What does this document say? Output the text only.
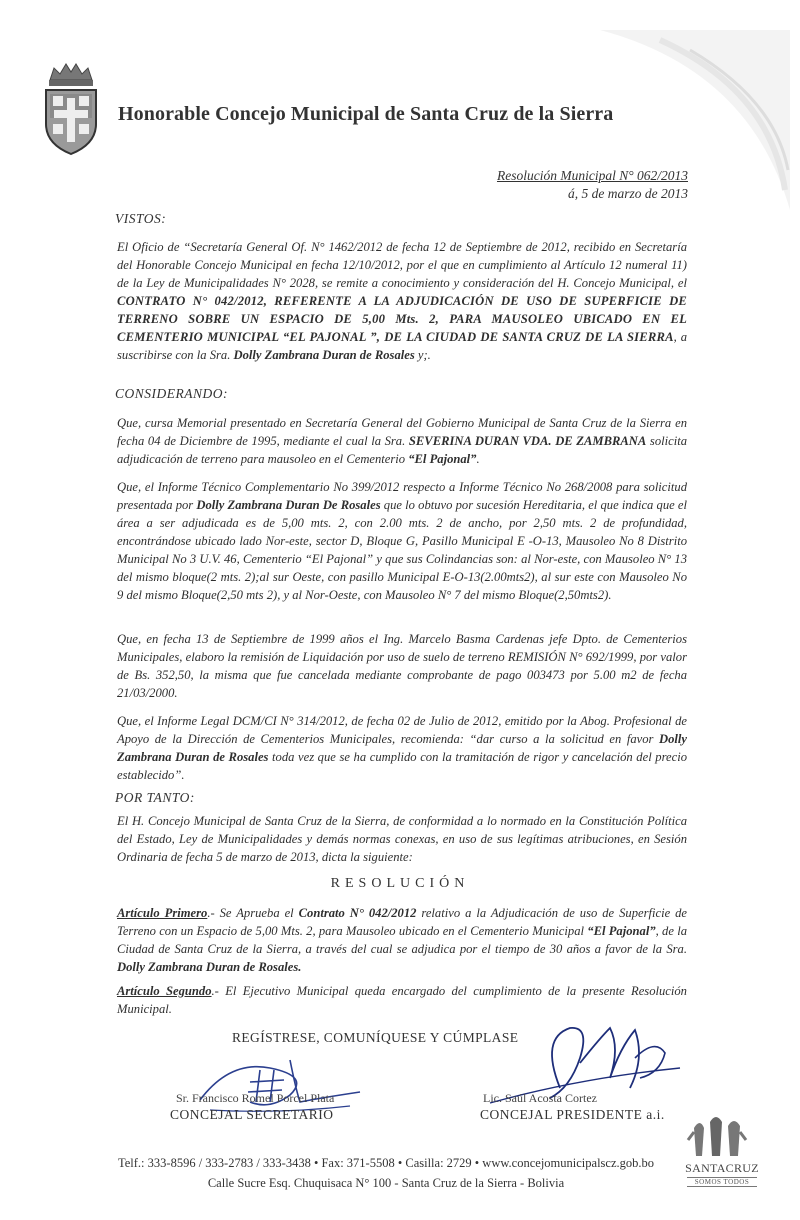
Honorable Concejo Municipal de Santa Cruz de la Sierra
Resolución Municipal N° 062/2013
á, 5 de marzo de 2013
VISTOS:
El Oficio de “Secretaría General Of. N° 1462/2012 de fecha 12 de Septiembre de 2012, recibido en Secretaría del Honorable Concejo Municipal en fecha 12/10/2012, por el que en cumplimiento al Artículo 12 numeral 11) de la Ley de Municipalidades N° 2028, se remite a conocimiento y consideración del H. Concejo Municipal, el CONTRATO N° 042/2012, REFERENTE A LA ADJUDICACIÓN DE USO DE SUPERFICIE DE TERRENO SOBRE UN ESPACIO DE 5,00 Mts. 2, PARA MAUSOLEO UBICADO EN EL CEMENTERIO MUNICIPAL “EL PAJONAL ”, DE LA CIUDAD DE SANTA CRUZ DE LA SIERRA, a suscribirse con la Sra. Dolly Zambrana Duran de Rosales y;.
CONSIDERANDO:
Que, cursa Memorial presentado en Secretaría General del Gobierno Municipal de Santa Cruz de la Sierra en fecha 04 de Diciembre de 1995, mediante el cual la Sra. SEVERINA DURAN VDA. DE ZAMBRANA solicita adjudicación de terreno para mausoleo en el Cementerio “El Pajonal”.
Que, el Informe Técnico Complementario No 399/2012 respecto a Informe Técnico No 268/2008 para solicitud presentada por Dolly Zambrana Duran De Rosales que lo obtuvo por sucesión Hereditaria, el que indica que el área a ser adjudicada es de 5,00 mts. 2, con 2.00 mts. 2 de ancho, por 2,50 mts. 2 de profundidad, encontrándose ubicado lado Nor-este, sector D, Bloque G, Pasillo Municipal E -O-13, Mausoleo No 8 Distrito Municipal No 3 U.V. 46, Cementerio “El Pajonal” y que sus Colindancias son: al Nor-este, con Mausoleo N° 13 del mismo bloque(2 mts. 2);al sur Oeste, con pasillo Municipal E-O-13(2.00mts2), al sur este con Mausoleo No 9 del mismo Bloque(2,50 mts 2), y al Nor-Oeste, con Mausoleo N° 7 del mismo Bloque(2,50mts2).
Que, en fecha 13 de Septiembre de 1999 años el Ing. Marcelo Basma Cardenas jefe Dpto. de Cementerios Municipales, elaboro la remisión de Liquidación por uso de suelo de terreno REMISIÓN N° 692/1999, por valor de Bs. 352,50, la misma que fue cancelada mediante comprobante de pago 003473 por 5.00 m2 de fecha 21/03/2000.
Que, el Informe Legal DCM/CI N° 314/2012, de fecha 02 de Julio de 2012, emitido por la Abog. Profesional de Apoyo de la Dirección de Cementerios Municipales, recomienda: “dar curso a la solicitud en favor Dolly Zambrana Duran de Rosales toda vez que se ha cumplido con la tramitación de rigor y cancelación del precio establecido”.
POR TANTO:
El H. Concejo Municipal de Santa Cruz de la Sierra, de conformidad a lo normado en la Constitución Política del Estado, Ley de Municipalidades y demás normas conexas, en uso de sus legítimas atribuciones, en Sesión Ordinaria de fecha 5 de marzo de 2013, dicta la siguiente:
RESOLUCIÓN
Artículo Primero.- Se Aprueba el Contrato N° 042/2012 relativo a la Adjudicación de uso de Superficie de Terreno con un Espacio de 5,00 Mts. 2, para Mausoleo ubicado en el Cementerio Municipal “El Pajonal”, de la Ciudad de Santa Cruz de la Sierra, a través del cual se adjudica por el tiempo de 30 años a favor de la Sra. Dolly Zambrana Duran de Rosales.
Artículo Segundo.- El Ejecutivo Municipal queda encargado del cumplimiento de la presente Resolución Municipal.
REGÍSTRESE, COMUNÍQUESE Y CÚMPLASE
Sr. Francisco Romel Porcel Plata
CONCEJAL SECRETARIO
Lic. Saúl Acosta Cortez
CONCEJAL PRESIDENTE a.i.
Telf.: 333-8596 / 333-2783 / 333-3438 • Fax: 371-5508 • Casilla: 2729 • www.concejomunicipalscz.gob.bo
Calle Sucre Esq. Chuquisaca N° 100 - Santa Cruz de la Sierra - Bolivia
SANTACRUZ
SOMOS TODOS
